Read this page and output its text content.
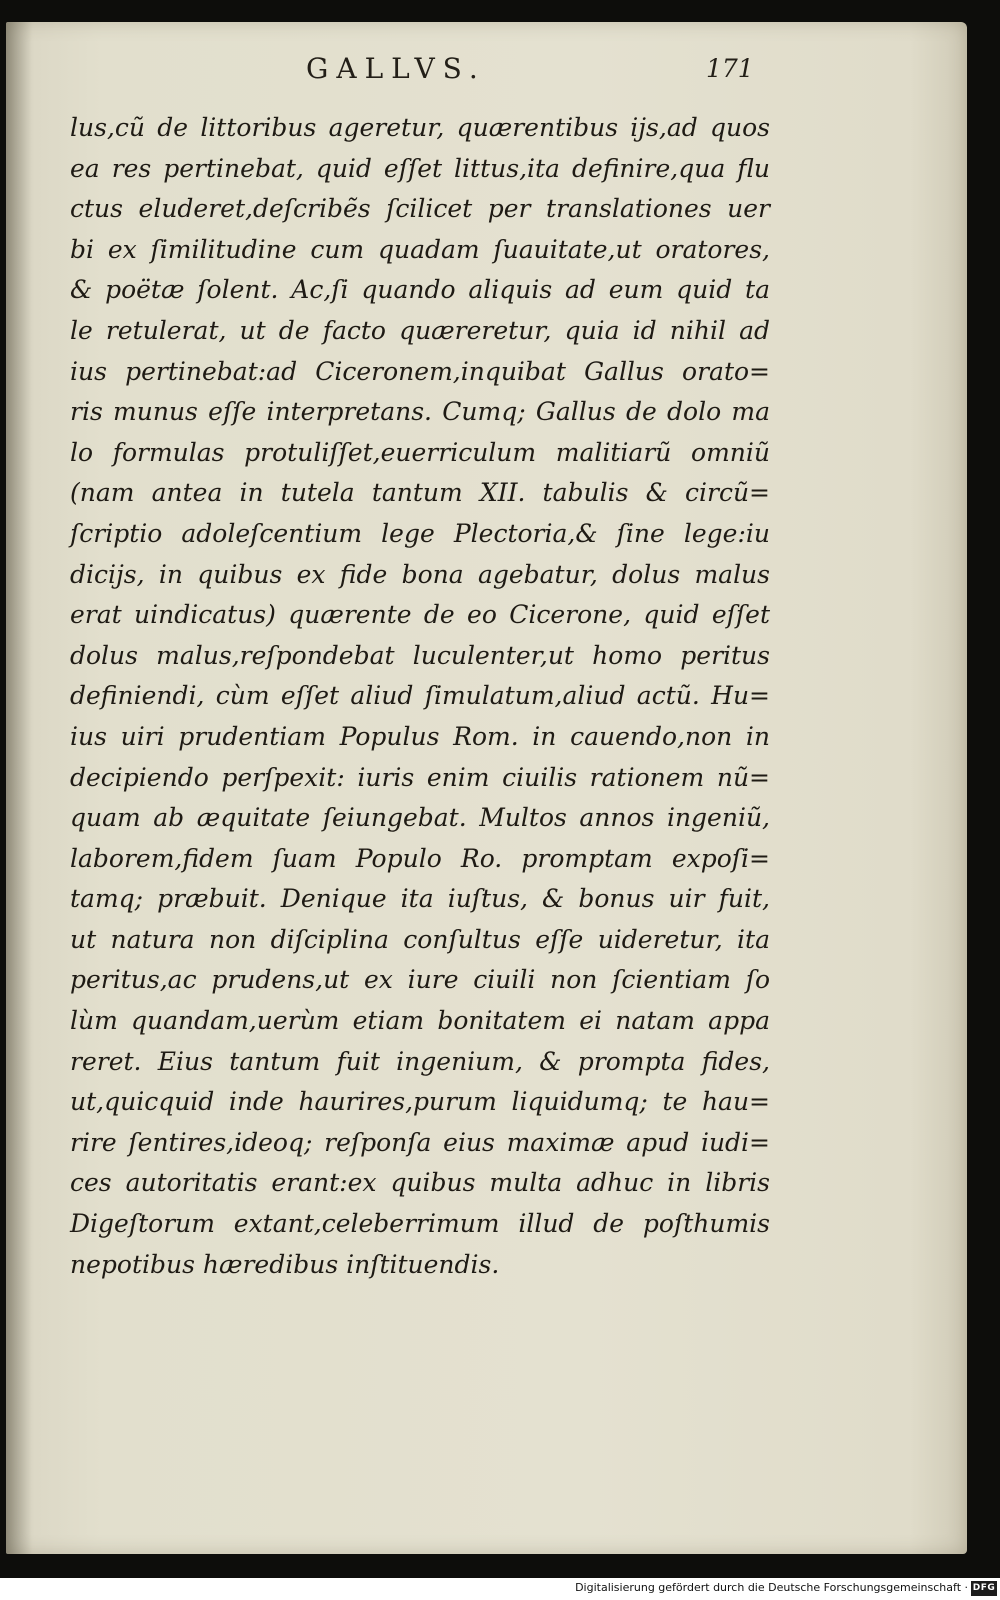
GALLVS.	171
lus,cũ de littoribus ageretur, quærentibus ijs,ad quos
ea res pertinebat, quid eſſet littus,ita definire,qua flu
ctus eluderet,deſcribẽs ſcilicet per translationes uer
bi ex ſimilitudine cum quadam ſuauitate,ut oratores,
& poëtæ ſolent. Ac,ſi quando aliquis ad eum quid ta
le retulerat, ut de facto quæreretur, quia id nihil ad
ius pertinebat:ad Ciceronem,inquibat Gallus orato=
ris munus eſſe interpretans. Cumq; Gallus de dolo ma
lo formulas protuliſſet,euerriculum malitiarũ omniũ
(nam antea in tutela tantum XII. tabulis & circũ=
ſcriptio adoleſcentium lege Plectoria,& ſine lege:iu
dicijs, in quibus ex fide bona agebatur, dolus malus
erat uindicatus) quærente de eo Cicerone, quid eſſet
dolus malus,reſpondebat luculenter,ut homo peritus
definiendi, cùm eſſet aliud ſimulatum,aliud actũ. Hu=
ius uiri prudentiam Populus Rom. in cauendo,non in
decipiendo perſpexit: iuris enim ciuilis rationem nũ=
quam ab æquitate ſeiungebat. Multos annos ingeniũ,
laborem,fidem ſuam Populo Ro. promptam expoſi=
tamq; præbuit. Denique ita iuſtus, & bonus uir fuit,
ut natura non diſciplina conſultus eſſe uideretur, ita
peritus,ac prudens,ut ex iure ciuili non ſcientiam ſo
lùm quandam,uerùm etiam bonitatem ei natam appa
reret. Eius tantum fuit ingenium, & prompta fides,
ut,quicquid inde haurires,purum liquidumq; te hau=
rire ſentires,ideoq; reſponſa eius maximæ apud iudi=
ces autoritatis erant:ex quibus multa adhuc in libris
Digeſtorum extant,celeberrimum illud de poſthumis
nepotibus hæredibus inſtituendis.
Digitalisierung gefördert durch die Deutsche Forschungsgemeinschaft · DFG
